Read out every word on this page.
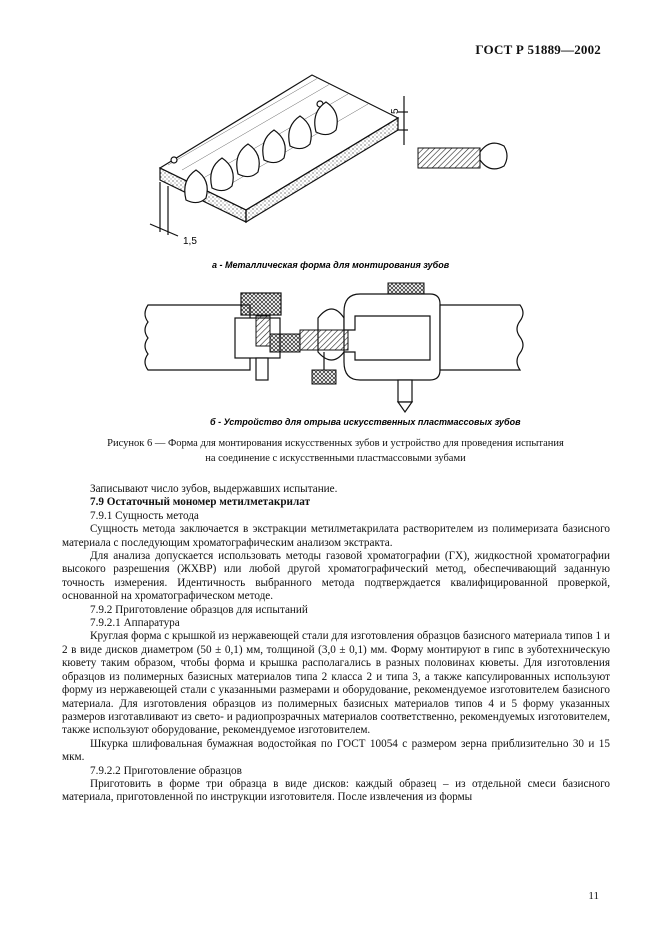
ГОСТ Р 51889—2002
5
1,5
а - Металлическая форма для монтирования зубов
б - Устройство для отрыва искусственных пластмассовых зубов
Рисунок 6 — Форма для монтирования искусственных зубов и устройство для проведения испытания
на соединение с искусственными пластмассовыми зубами

Записывают число зубов, выдержавших испытание.

7.9 Остаточный мономер метилметакрилат

7.9.1 Сущность метода

Сущность метода заключается в экстракции метилметакрилата растворителем из полимеризата базисного материала с последующим хроматографическим анализом экстракта.

Для анализа допускается использовать методы газовой хроматографии (ГХ), жидкостной хроматографии высокого разрешения (ЖХВР) или любой другой хроматографический метод, обеспечивающий заданную точность измерения. Идентичность выбранного метода подтверждается квалифицированной проверкой, основанной на хроматографическом методе.

7.9.2 Приготовление образцов для испытаний

7.9.2.1 Аппаратура

Круглая форма с крышкой из нержавеющей стали для изготовления образцов базисного материала типов 1 и 2 в виде дисков диаметром (50 ± 0,1) мм, толщиной (3,0 ± 0,1) мм. Форму монтируют в гипс в зуботехническую кювету таким образом, чтобы форма и крышка располагались в разных половинах кюветы. Для изготовления образцов из полимерных базисных материалов типа 2 класса 2 и типа 3, а также капсулированных используют форму из нержавеющей стали с указанными размерами и оборудование, рекомендуемое изготовителем базисного материала. Для изготовления образцов из полимерных базисных материалов типов 4 и 5 форму указанных размеров изготавливают из свето- и радиопрозрачных материалов соответственно, рекомендуемых изготовителем, также используют оборудование, рекомендуемое изготовителем.

Шкурка шлифовальная бумажная водостойкая по ГОСТ 10054 с размером зерна приблизительно 30 и 15 мкм.

7.9.2.2 Приготовление образцов

Приготовить в форме три образца в виде дисков: каждый образец – из отдельной смеси базисного материала, приготовленной по инструкции изготовителя. После извлечения из формы

11
